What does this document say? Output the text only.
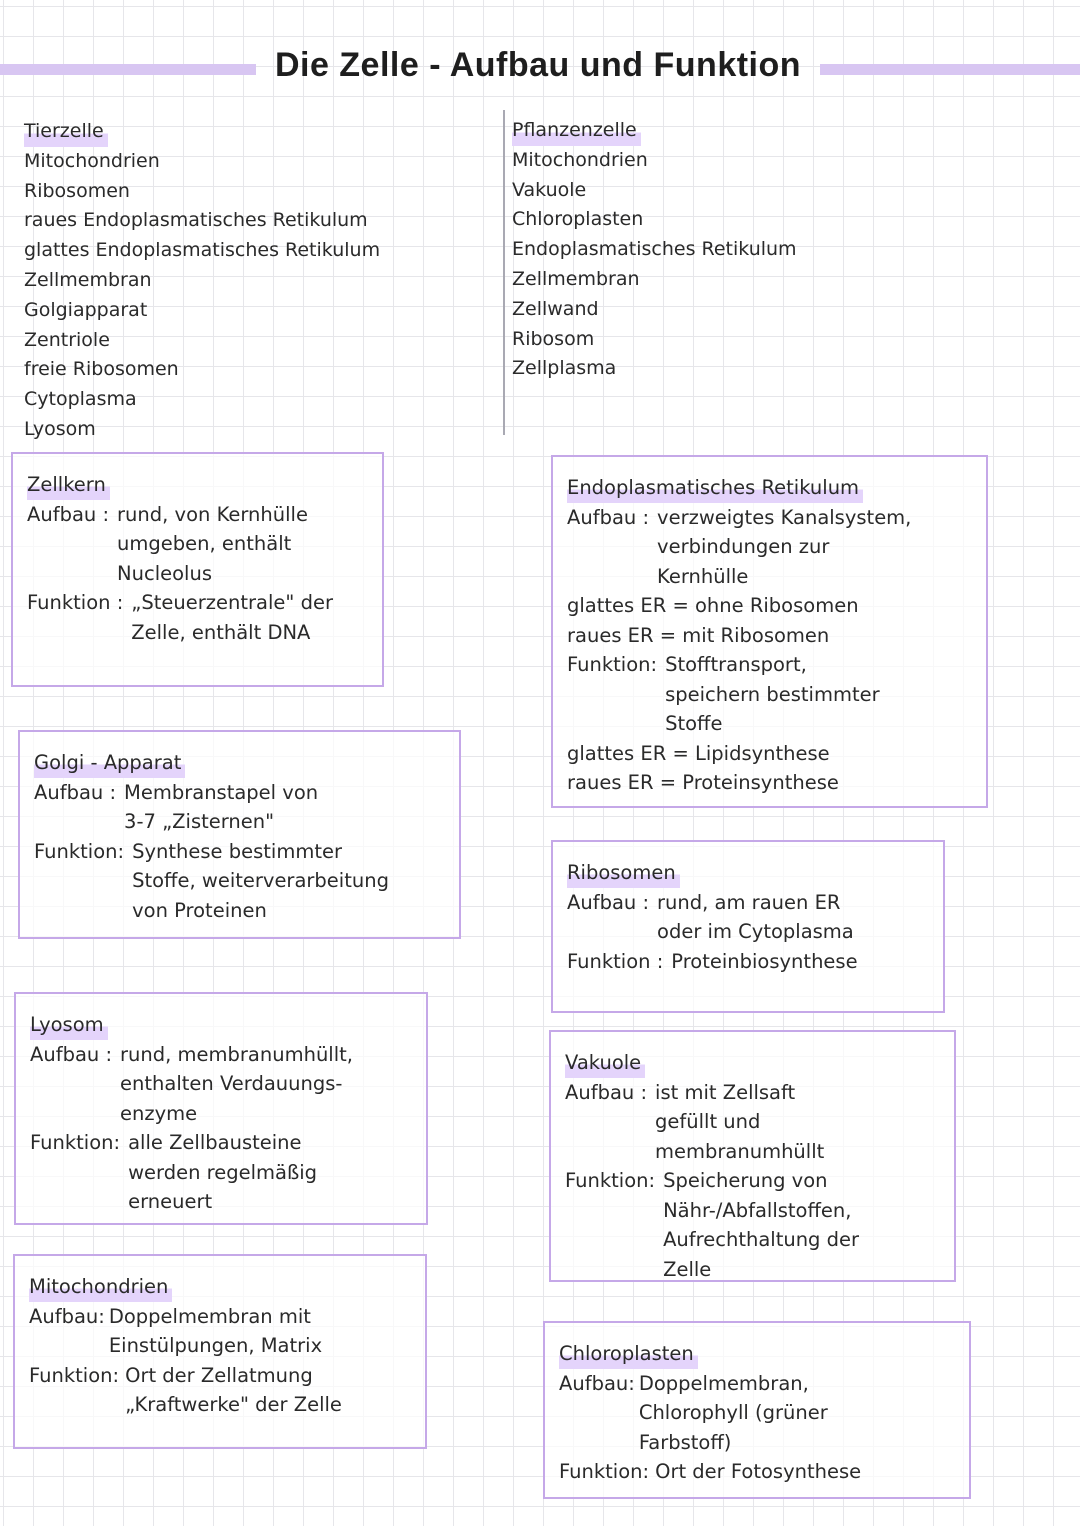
Die Zelle - Aufbau und Funktion
Tierzelle
Mitochondrien
Ribosomen
raues Endoplasmatisches Retikulum
glattes Endoplasmatisches Retikulum
Zellmembran
Golgiapparat
Zentriole
freie Ribosomen
Cytoplasma
Lyosom
Pflanzenzelle
Mitochondrien
Vakuole
Chloroplasten
Endoplasmatisches Retikulum
Zellmembran
Zellwand
Ribosom
Zellplasma
Zellkern
Aufbau : rund, von Kernhülle
umgeben, enthält
Nucleolus
Funktion : „Steuerzentrale" der
Zelle, enthält DNA
Endoplasmatisches Retikulum
Aufbau : verzweigtes Kanalsystem,
verbindungen zur
Kernhülle
glattes ER = ohne Ribosomen
raues ER = mit Ribosomen
Funktion: Stofftransport,
speichern bestimmter
Stoffe
glattes ER = Lipidsynthese
raues ER = Proteinsynthese
Golgi - Apparat
Aufbau : Membranstapel von
3-7 „Zisternen"
Funktion: Synthese bestimmter
Stoffe, weiterverarbeitung
von Proteinen
Ribosomen
Aufbau : rund, am rauen ER
oder im Cytoplasma
Funktion : Proteinbiosynthese
Lyosom
Aufbau : rund, membranumhüllt,
enthalten Verdauungs-
enzyme
Funktion: alle Zellbausteine
werden regelmäßig
erneuert
Vakuole
Aufbau : ist mit Zellsaft
gefüllt und
membranumhüllt
Funktion: Speicherung von
Nähr-/Abfallstoffen,
Aufrechthaltung der
Zelle
Mitochondrien
Aufbau: Doppelmembran mit
Einstülpungen, Matrix
Funktion: Ort der Zellatmung
„Kraftwerke" der Zelle
Chloroplasten
Aufbau: Doppelmembran,
Chlorophyll (grüner
Farbstoff)
Funktion: Ort der Fotosynthese
